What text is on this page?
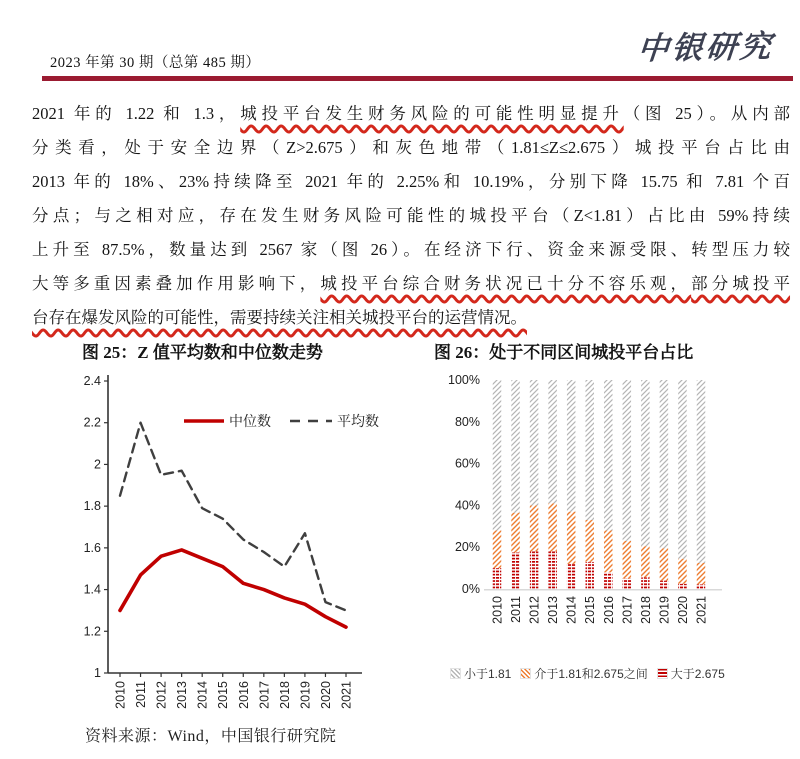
2023 年第 30 期（总第 485 期）	中银研究
2021 年的 1.22 和 1.3，城投平台发生财务风险的可能性明显提升（图 25）。从内部
分类看，处于安全边界（Z>2.675）和灰色地带（1.81≤Z≤2.675）城投平台占比由
2013 年的 18%、23%持续降至 2021 年的 2.25%和 10.19%，分别下降 15.75 和 7.81 个百
分点；与之相对应，存在发生财务风险可能性的城投平台（Z<1.81）占比由 59%持续
上升至 87.5%，数量达到 2567 家（图 26）。在经济下行、资金来源受限、转型压力较
大等多重因素叠加作用影响下，城投平台综合财务状况已十分不容乐观，部分城投平
台存在爆发风险的可能性，需要持续关注相关城投平台的运营情况。
图 25：Z 值平均数和中位数走势
1
1.2
1.4
1.6
1.8
2
2.2
2.4
2010 2011 2012 2013 2014 2015 2016 2017 2018 2019 2020 2021
中位数	平均数
图 26：处于不同区间城投平台占比
0%
20%
40%
60%
80%
100%
2010 2011 2012 2013 2014 2015 2016 2017 2018 2019 2020 2021
小于1.81 介于1.81和2.675之间 大于2.675
资料来源：Wind，中国银行研究院
